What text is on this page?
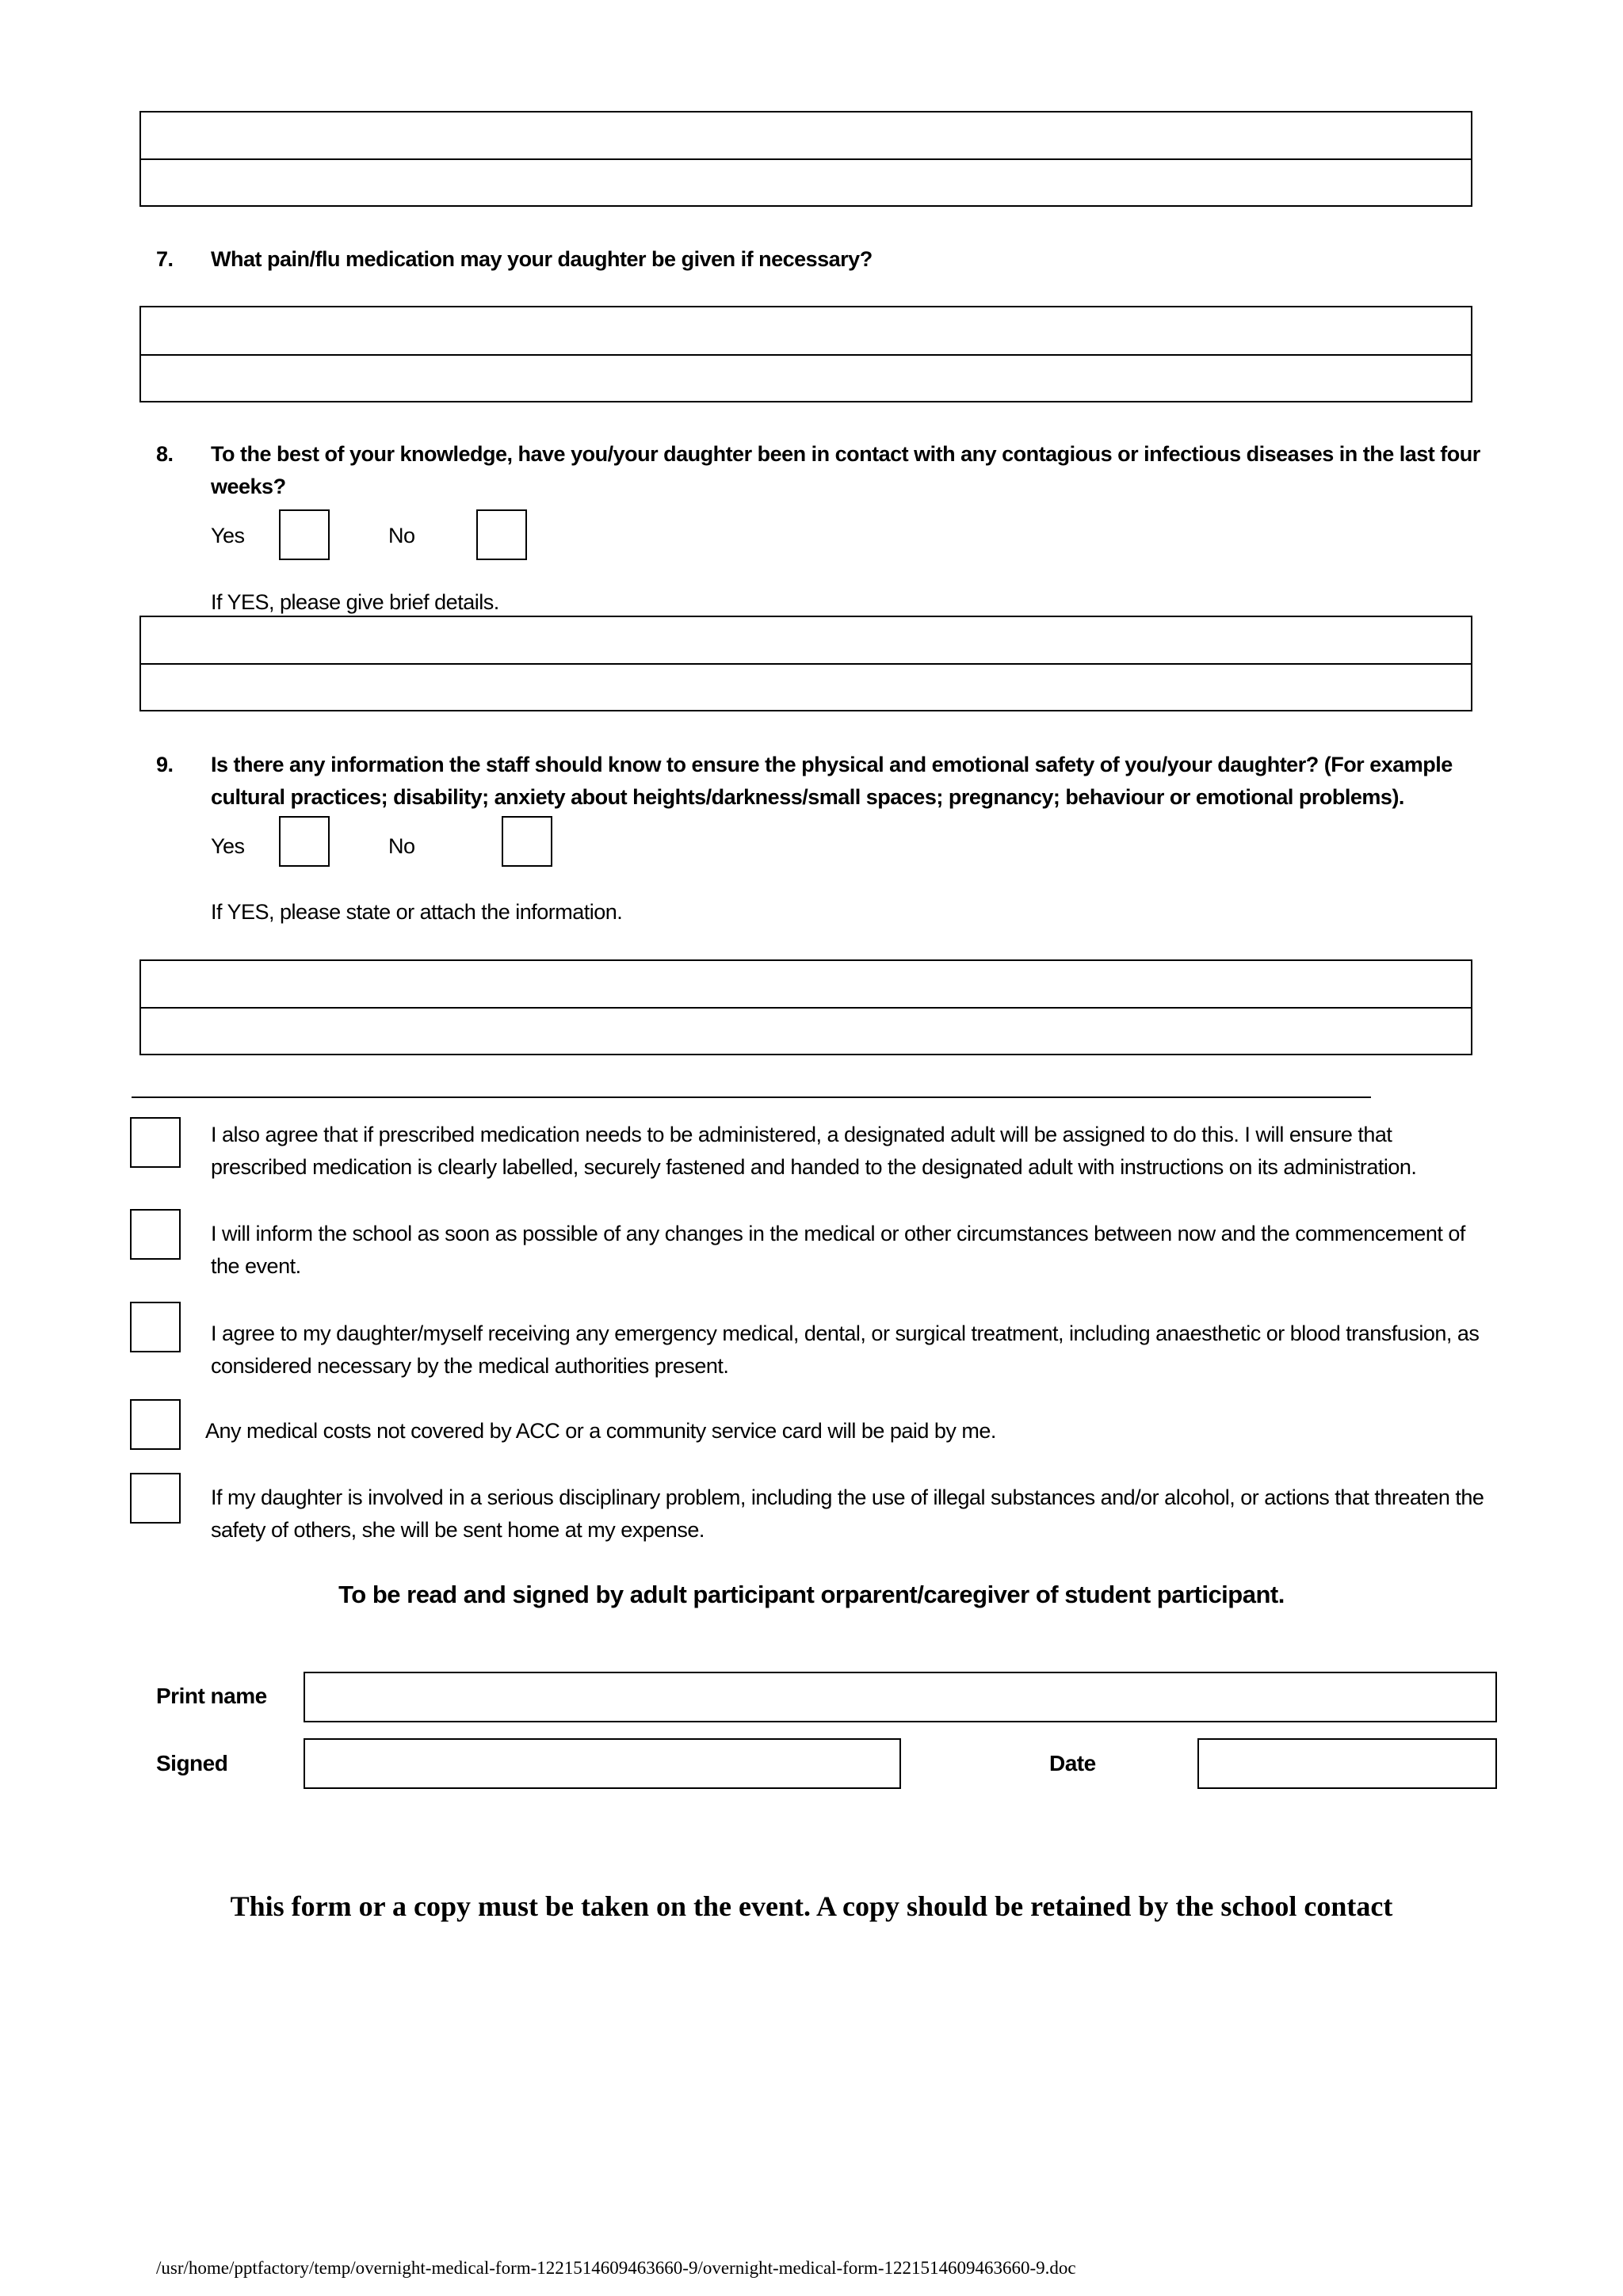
7. What pain/flu medication may your daughter be given if necessary?
8. To the best of your knowledge, have you/your daughter been in contact with any contagious or infectious diseases in the last four
weeks?
Yes	No
If YES, please give brief details.
9. Is there any information the staff should know to ensure the physical and emotional safety of you/your daughter? (For example
cultural practices; disability; anxiety about heights/darkness/small spaces; pregnancy; behaviour or emotional problems).
Yes	No
If YES, please state or attach the information.
I also agree that if prescribed medication needs to be administered, a designated adult will be assigned to do this. I will ensure that
prescribed medication is clearly labelled, securely fastened and handed to the designated adult with instructions on its administration.
I will inform the school as soon as possible of any changes in the medical or other circumstances between now and the commencement of
the event.
I agree to my daughter/myself receiving any emergency medical, dental, or surgical treatment, including anaesthetic or blood transfusion, as
considered necessary by the medical authorities present.
Any medical costs not covered by ACC or a community service card will be paid by me.
If my daughter is involved in a serious disciplinary problem, including the use of illegal substances and/or alcohol, or actions that threaten the
safety of others, she will be sent home at my expense.
To be read and signed by adult participant orparent/caregiver of student participant.
Print name
Signed	Date
This form or a copy must be taken on the event. A copy should be retained by the school contact
/usr/home/pptfactory/temp/overnight-medical-form-1221514609463660-9/overnight-medical-form-1221514609463660-9.doc
